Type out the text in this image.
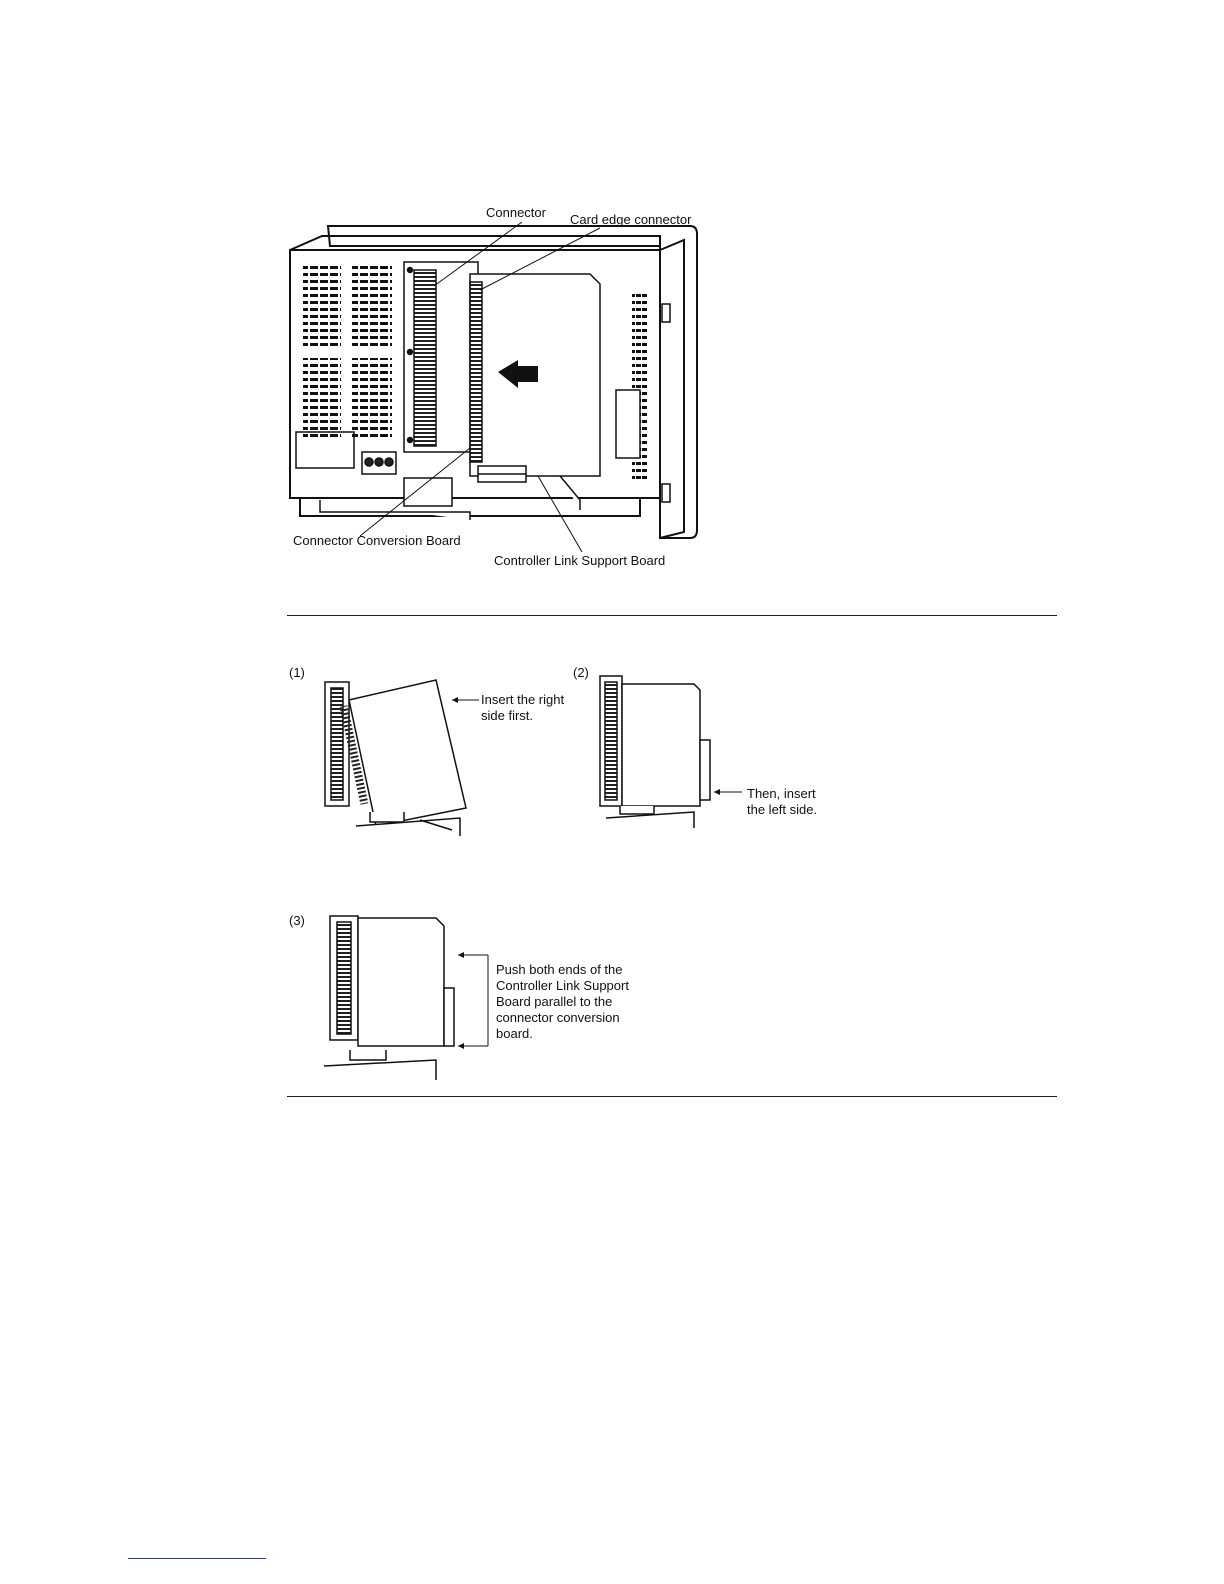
Connector Card edge connector
Connector Conversion Board
Controller Link Support Board
(1)
Insert the right
side first.
(2)
Then, insert
the left side.
(3)
Push both ends of the
Controller Link Support
Board parallel to the
connector conversion
board.
